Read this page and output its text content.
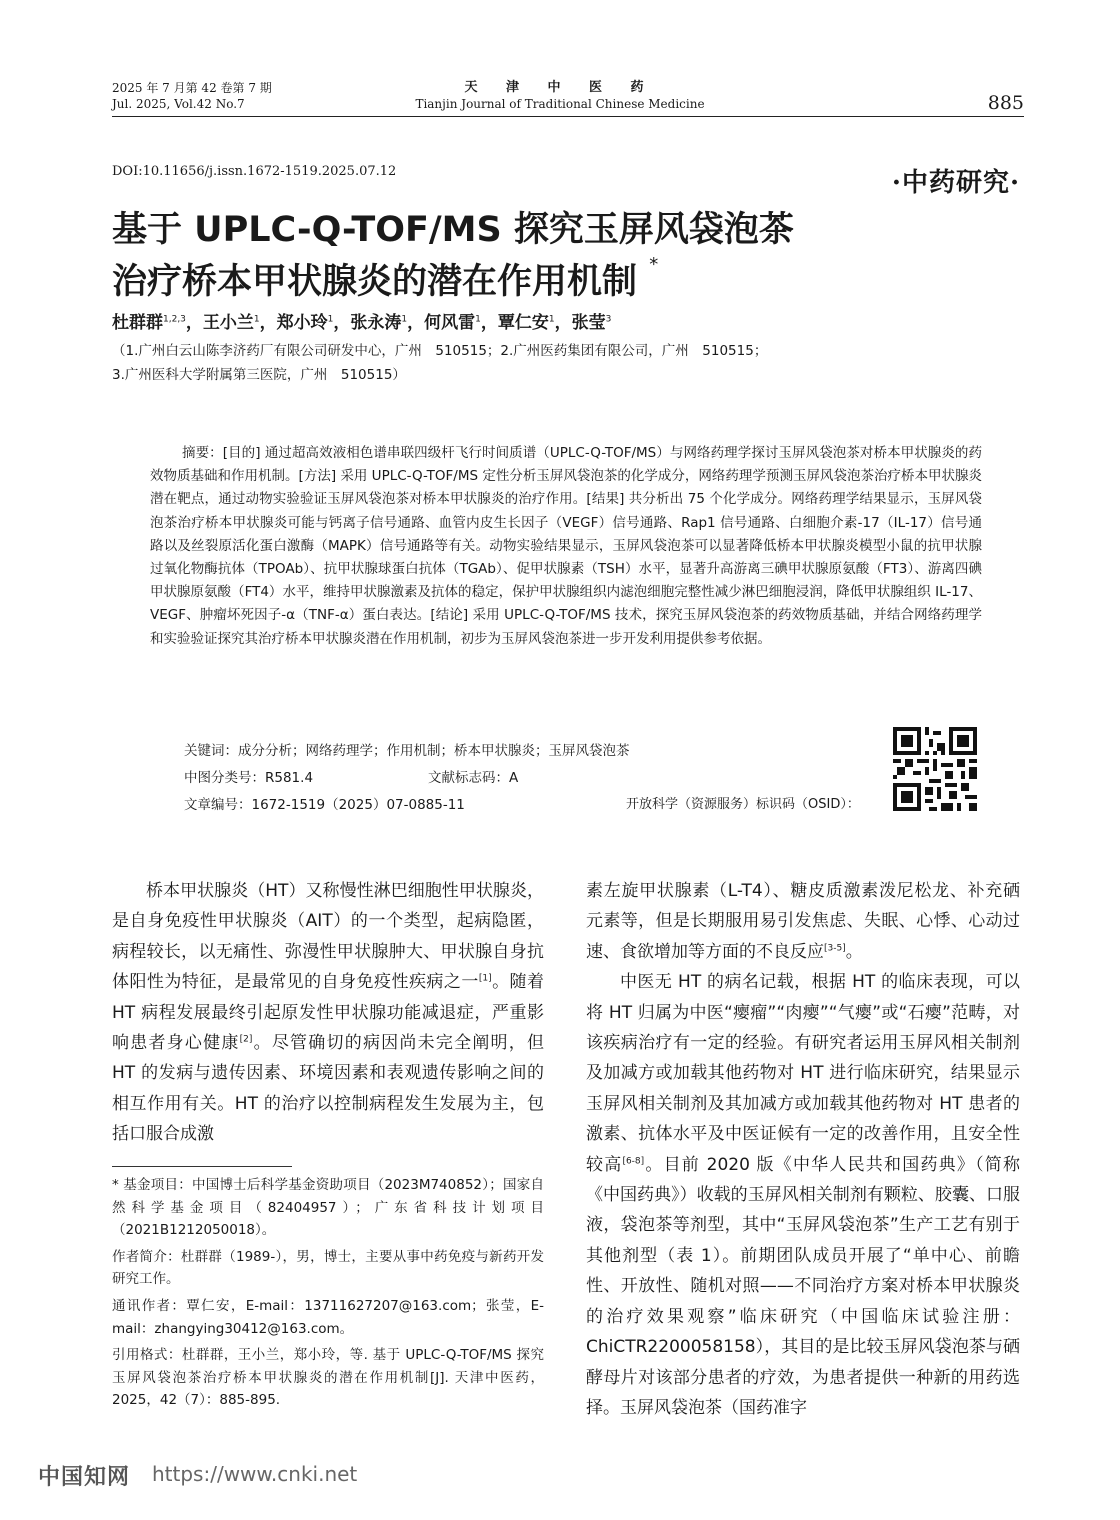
2025 年 7 月第 42 卷第 7 期
Jul. 2025, Vol.42 No.7
天 津 中 医 药
Tianjin Journal of Traditional Chinese Medicine	885
DOI:10.11656/j.issn.1672-1519.2025.07.12	·中药研究·
基于 UPLC-Q-TOF/MS 探究玉屏风袋泡茶
治疗桥本甲状腺炎的潜在作用机制 *
杜群群$^{1,2,3}$，王小兰$^1$，郑小玲$^1$，张永涛$^1$，何风雷$^1$，覃仁安$^1$，张莹$^3$
（1.广州白云山陈李济药厂有限公司研发中心，广州　510515；2.广州医药集团有限公司，广州　510515；
3.广州医科大学附属第三医院，广州　510515）
摘要：[目的] 通过超高效液相色谱串联四级杆飞行时间质谱（UPLC-Q-TOF/MS）与网络药理学探讨玉屏风袋泡茶对桥本甲状腺炎的药效物质基础和作用机制。[方法] 采用 UPLC-Q-TOF/MS 定性分析玉屏风袋泡茶的化学成分，网络药理学预测玉屏风袋泡茶治疗桥本甲状腺炎潜在靶点，通过动物实验验证玉屏风袋泡茶对桥本甲状腺炎的治疗作用。[结果] 共分析出 75 个化学成分。网络药理学结果显示，玉屏风袋泡茶治疗桥本甲状腺炎可能与钙离子信号通路、血管内皮生长因子（VEGF）信号通路、Rap1 信号通路、白细胞介素-17（IL-17）信号通路以及丝裂原活化蛋白激酶（MAPK）信号通路等有关。动物实验结果显示，玉屏风袋泡茶可以显著降低桥本甲状腺炎模型小鼠的抗甲状腺过氧化物酶抗体（TPOAb）、抗甲状腺球蛋白抗体（TGAb）、促甲状腺素（TSH）水平，显著升高游离三碘甲状腺原氨酸（FT3）、游离四碘甲状腺原氨酸（FT4）水平，维持甲状腺激素及抗体的稳定，保护甲状腺组织内滤泡细胞完整性减少淋巴细胞浸润，降低甲状腺组织 IL-17、VEGF、肿瘤坏死因子-α（TNF-α）蛋白表达。[结论] 采用 UPLC-Q-TOF/MS 技术，探究玉屏风袋泡茶的药效物质基础，并结合网络药理学和实验验证探究其治疗桥本甲状腺炎潜在作用机制，初步为玉屏风袋泡茶进一步开发利用提供参考依据。
关键词：成分分析；网络药理学；作用机制；桥本甲状腺炎；玉屏风袋泡茶
中图分类号：R581.4	文献标志码：A
文章编号：1672-1519（2025）07-0885-11	开放科学（资源服务）标识码（OSID）：

桥本甲状腺炎（HT）又称慢性淋巴细胞性甲状腺炎，是自身免疫性甲状腺炎（AIT）的一个类型，起病隐匿，病程较长，以无痛性、弥漫性甲状腺肿大、甲状腺自身抗体阳性为特征，是最常见的自身免疫性疾病之一[1]。随着 HT 病程发展最终引起原发性甲状腺功能减退症，严重影响患者身心健康[2]。尽管确切的病因尚未完全阐明，但 HT 的发病与遗传因素、环境因素和表观遗传影响之间的相互作用有关。HT 的治疗以控制病程发生发展为主，包括口服合成激

* 基金项目：中国博士后科学基金资助项目（2023M740852）；国家自然科学基金项目（82404957）；广东省科技计划项目（2021B1212050018）。

作者简介：杜群群（1989-），男，博士，主要从事中药免疫与新药开发研究工作。

通讯作者：覃仁安，E-mail：13711627207@163.com；张莹，E-mail：zhangying30412@163.com。

引用格式：杜群群，王小兰，郑小玲，等. 基于 UPLC-Q-TOF/MS 探究玉屏风袋泡茶治疗桥本甲状腺炎的潜在作用机制[J]. 天津中医药，2025，42（7）：885-895.

素左旋甲状腺素（L-T4）、糖皮质激素泼尼松龙、补充硒元素等，但是长期服用易引发焦虑、失眠、心悸、心动过速、食欲增加等方面的不良反应[3-5]。

中医无 HT 的病名记载，根据 HT 的临床表现，可以将 HT 归属为中医“瘿瘤”“肉瘿”“气瘿”或“石瘿”范畴，对该疾病治疗有一定的经验。有研究者运用玉屏风相关制剂及加减方或加载其他药物对 HT 进行临床研究，结果显示玉屏风相关制剂及其加减方或加载其他药物对 HT 患者的激素、抗体水平及中医证候有一定的改善作用，且安全性较高[6-8]。目前 2020 版《中华人民共和国药典》（简称《中国药典》）收载的玉屏风相关制剂有颗粒、胶囊、口服液，袋泡茶等剂型，其中“玉屏风袋泡茶”生产工艺有别于其他剂型（表 1）。前期团队成员开展了“单中心、前瞻性、开放性、随机对照——不同治疗方案对桥本甲状腺炎的治疗效果观察”临床研究（中国临床试验注册：ChiCTR2200058158），其目的是比较玉屏风袋泡茶与硒酵母片对该部分患者的疗效，为患者提供一种新的用药选择。玉屏风袋泡茶（国药准字

中国知网 https://www.cnki.net
